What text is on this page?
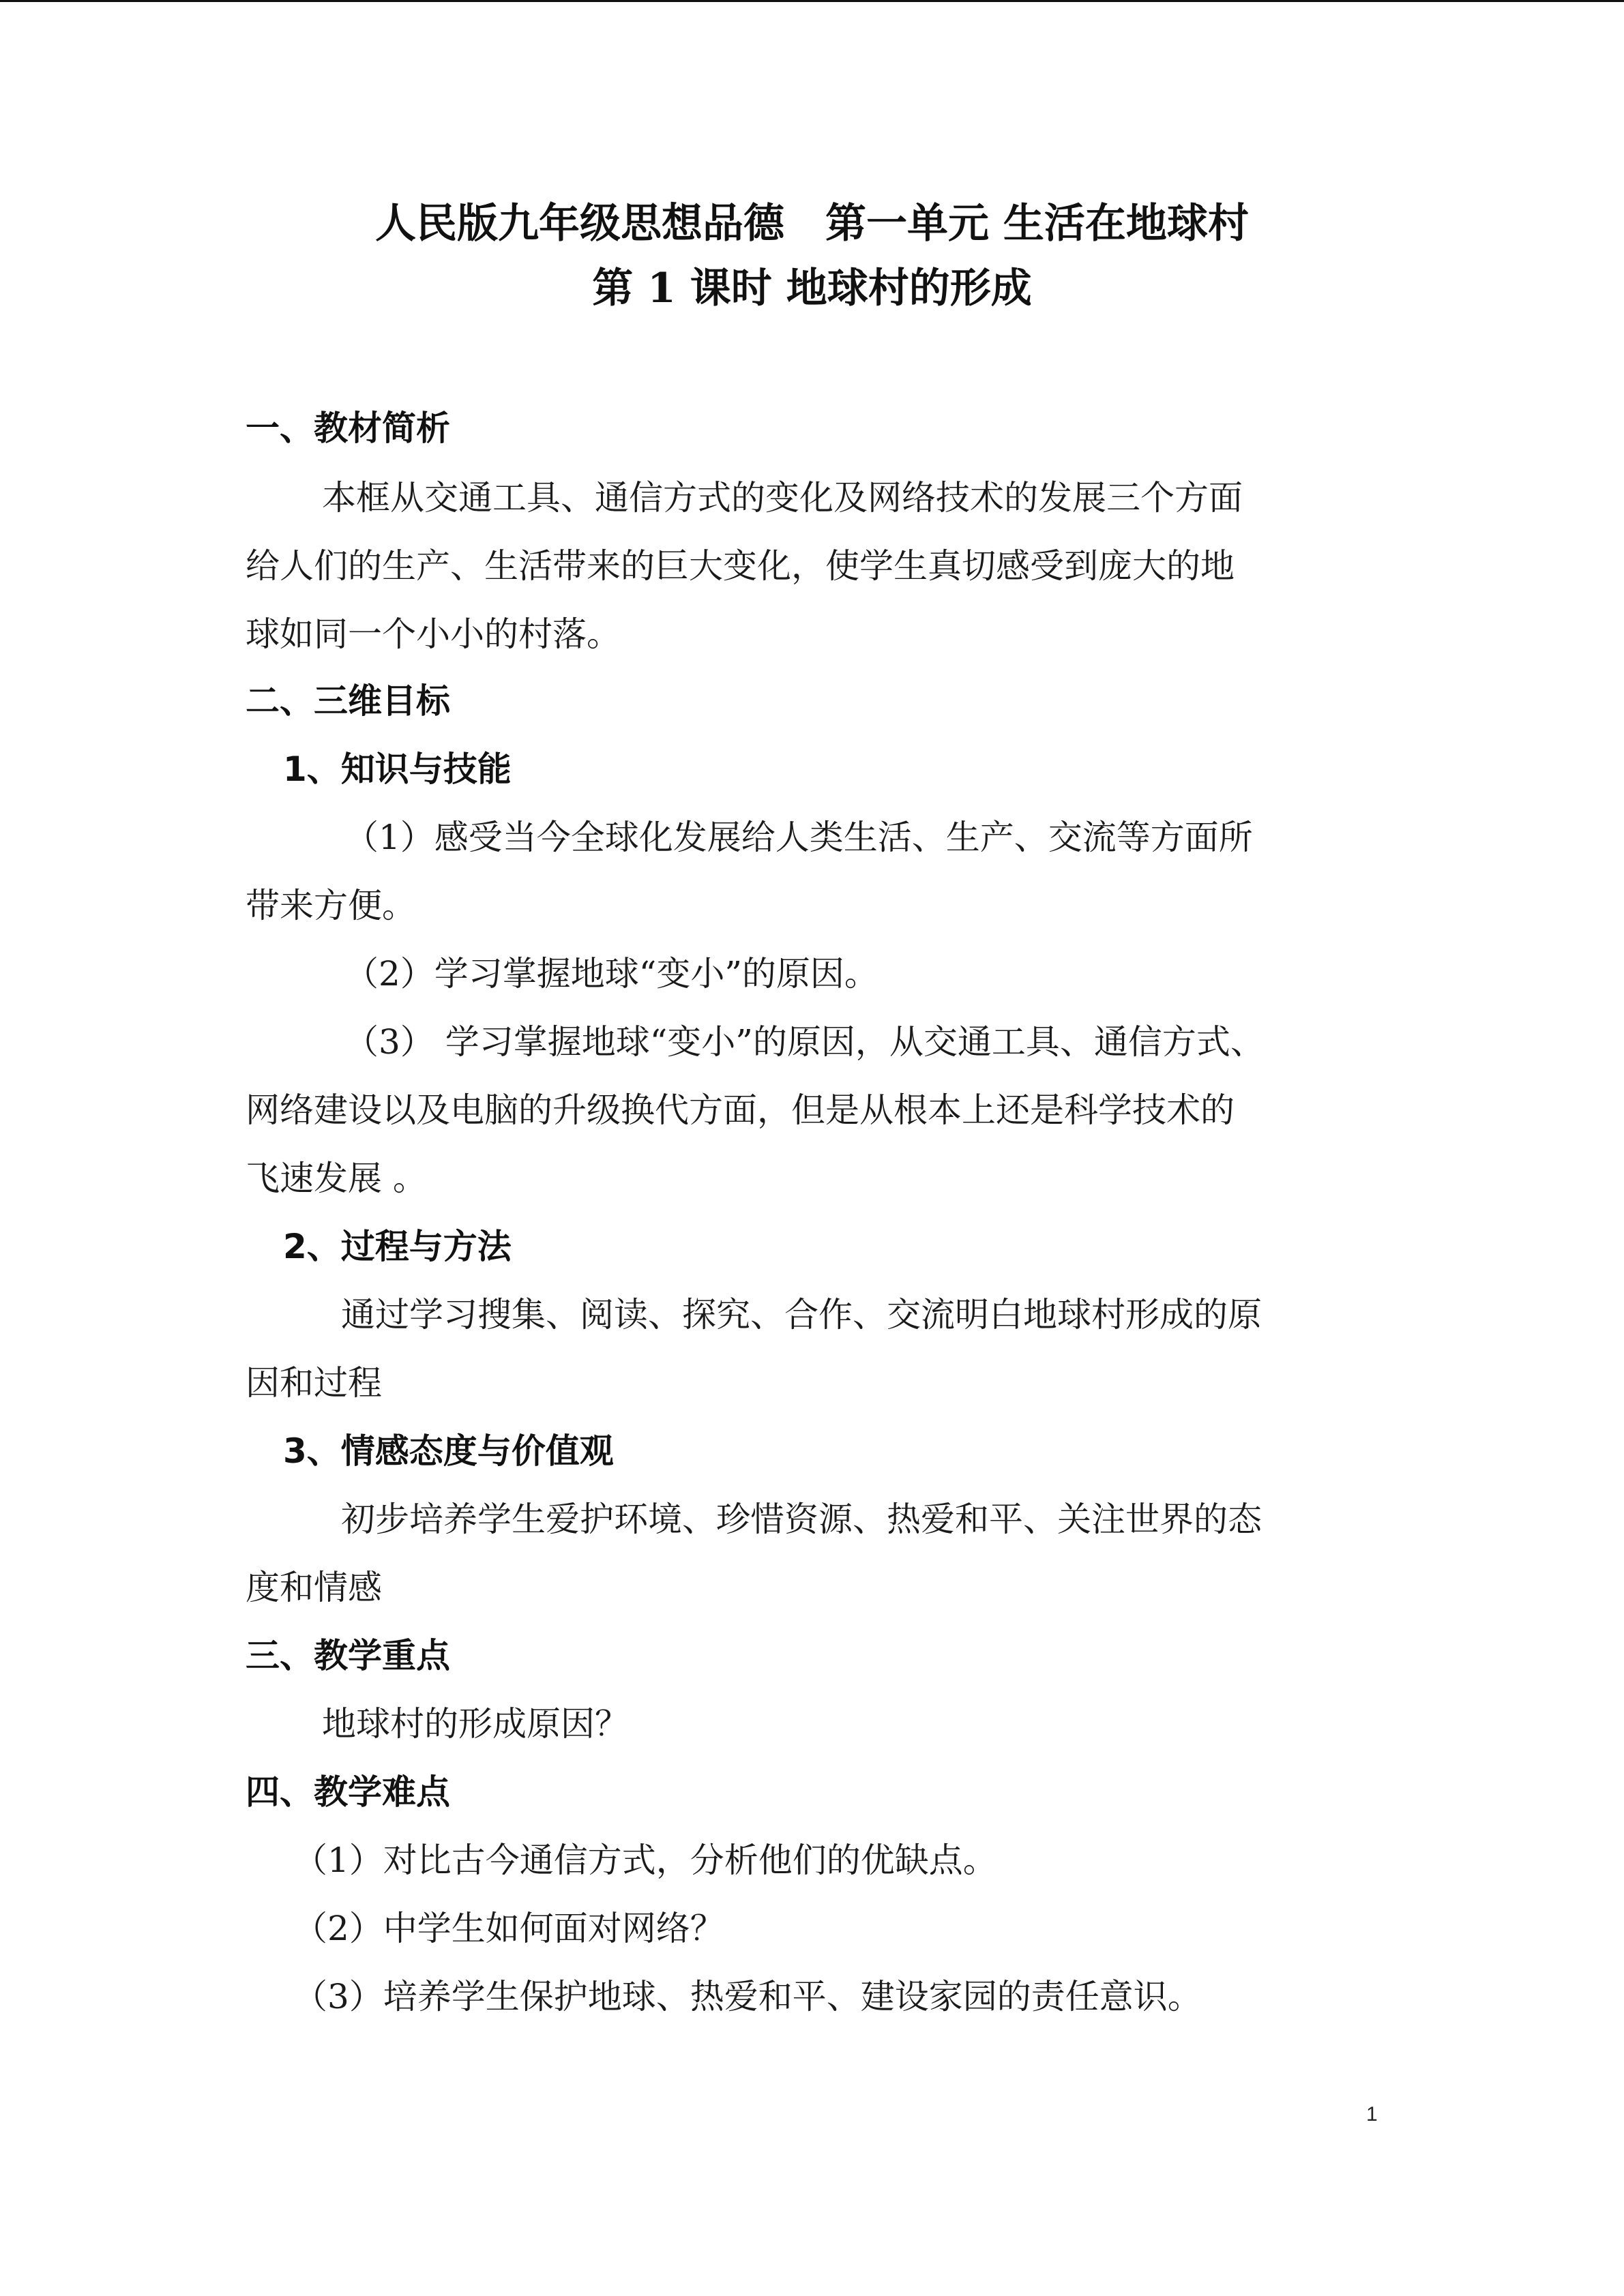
人民版九年级思想品德　第一单元 生活在地球村
第 1 课时 地球村的形成
一、教材简析
本框从交通工具、通信方式的变化及网络技术的发展三个方面
给人们的生产、生活带来的巨大变化，使学生真切感受到庞大的地
球如同一个小小的村落。
二、三维目标
1、知识与技能
（1）感受当今全球化发展给人类生活、生产、交流等方面所
带来方便。
（2）学习掌握地球“变小”的原因。
（3） 学习掌握地球“变小”的原因，从交通工具、通信方式、
网络建设以及电脑的升级换代方面，但是从根本上还是科学技术的
飞速发展 。
2、过程与方法
通过学习搜集、阅读、探究、合作、交流明白地球村形成的原
因和过程
3、情感态度与价值观
初步培养学生爱护环境、珍惜资源、热爱和平、关注世界的态
度和情感
三、教学重点
地球村的形成原因？
四、教学难点
（1）对比古今通信方式，分析他们的优缺点。
（2）中学生如何面对网络？
（3）培养学生保护地球、热爱和平、建设家园的责任意识。
1
